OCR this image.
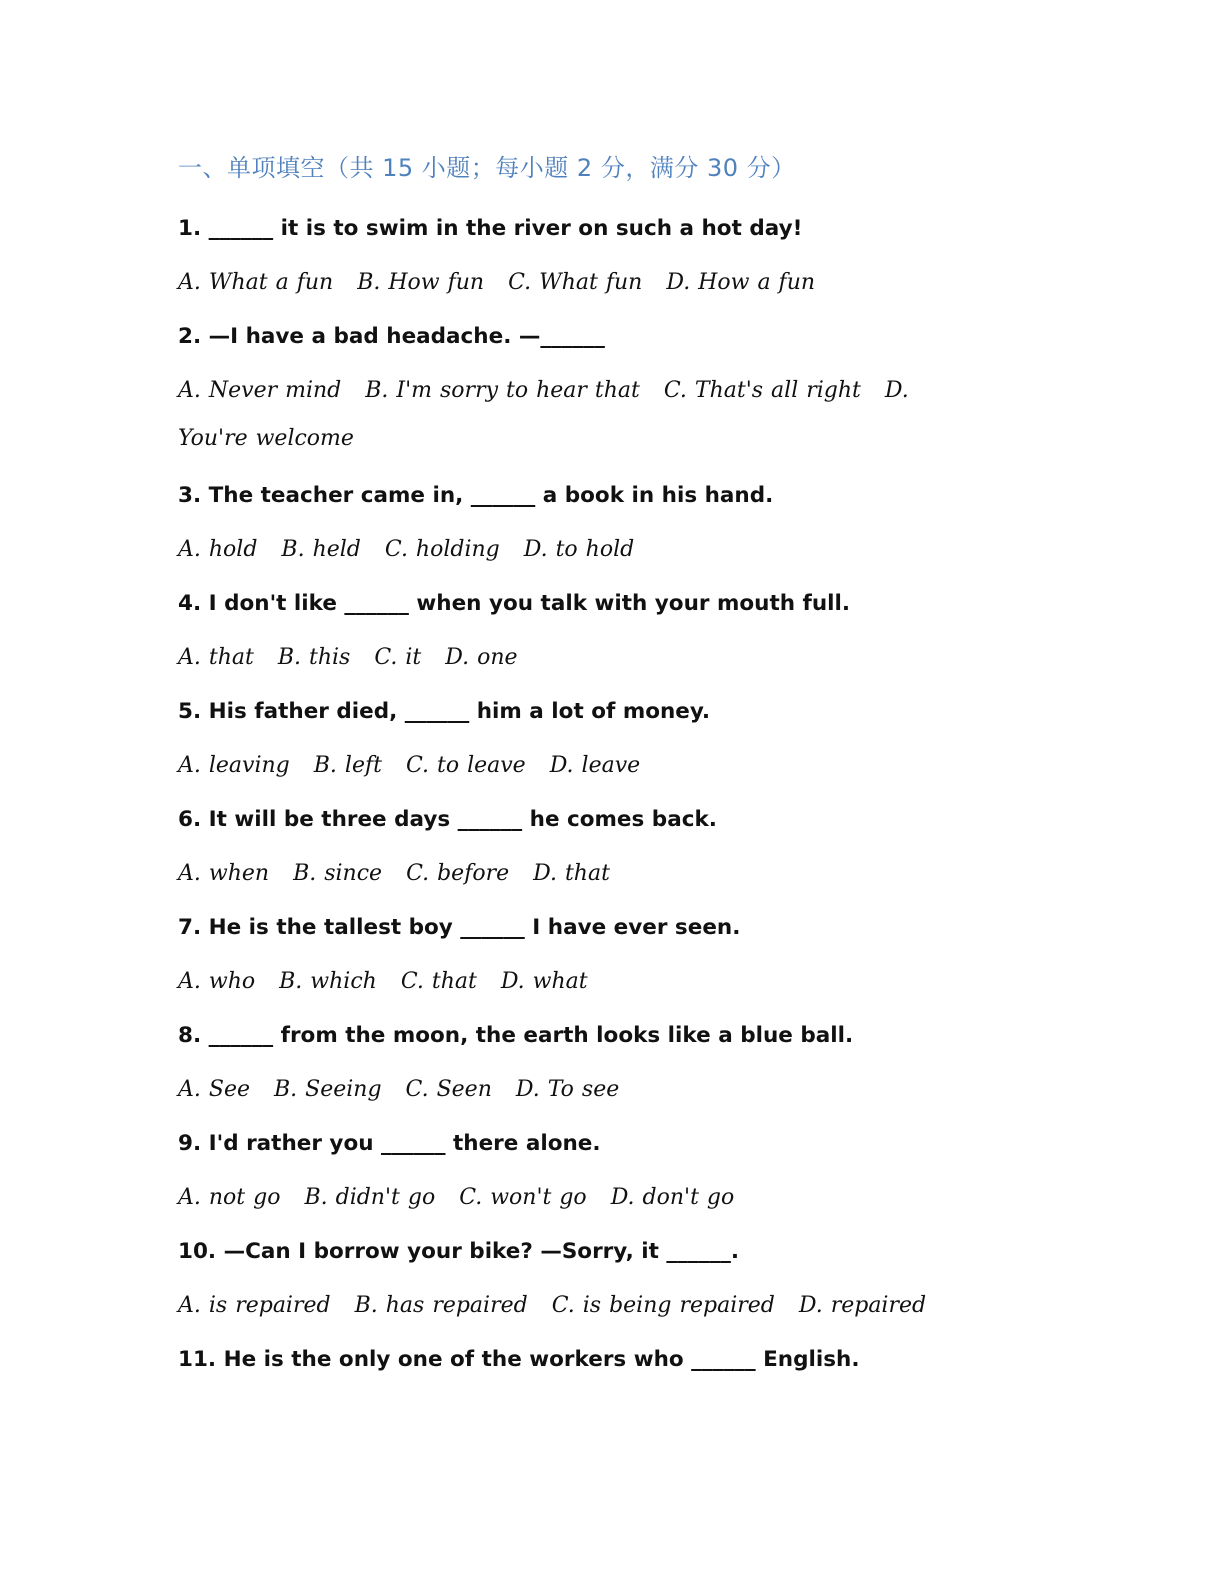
一、单项填空（共 15 小题；每小题 2 分，满分 30 分）
1. ______ it is to swim in the river on such a hot day!
A. What a fun B. How fun C. What fun D. How a fun
2. —I have a bad headache. —______
A. Never mind B. I'm sorry to hear that C. That's all right D. You're welcome
3. The teacher came in, ______ a book in his hand.
A. hold B. held C. holding D. to hold
4. I don't like ______ when you talk with your mouth full.
A. that B. this C. it D. one
5. His father died, ______ him a lot of money.
A. leaving B. left C. to leave D. leave
6. It will be three days ______ he comes back.
A. when B. since C. before D. that
7. He is the tallest boy ______ I have ever seen.
A. who B. which C. that D. what
8. ______ from the moon, the earth looks like a blue ball.
A. See B. Seeing C. Seen D. To see
9. I'd rather you ______ there alone.
A. not go B. didn't go C. won't go D. don't go
10. —Can I borrow your bike? —Sorry, it ______.
A. is repaired B. has repaired C. is being repaired D. repaired
11. He is the only one of the workers who ______ English.
